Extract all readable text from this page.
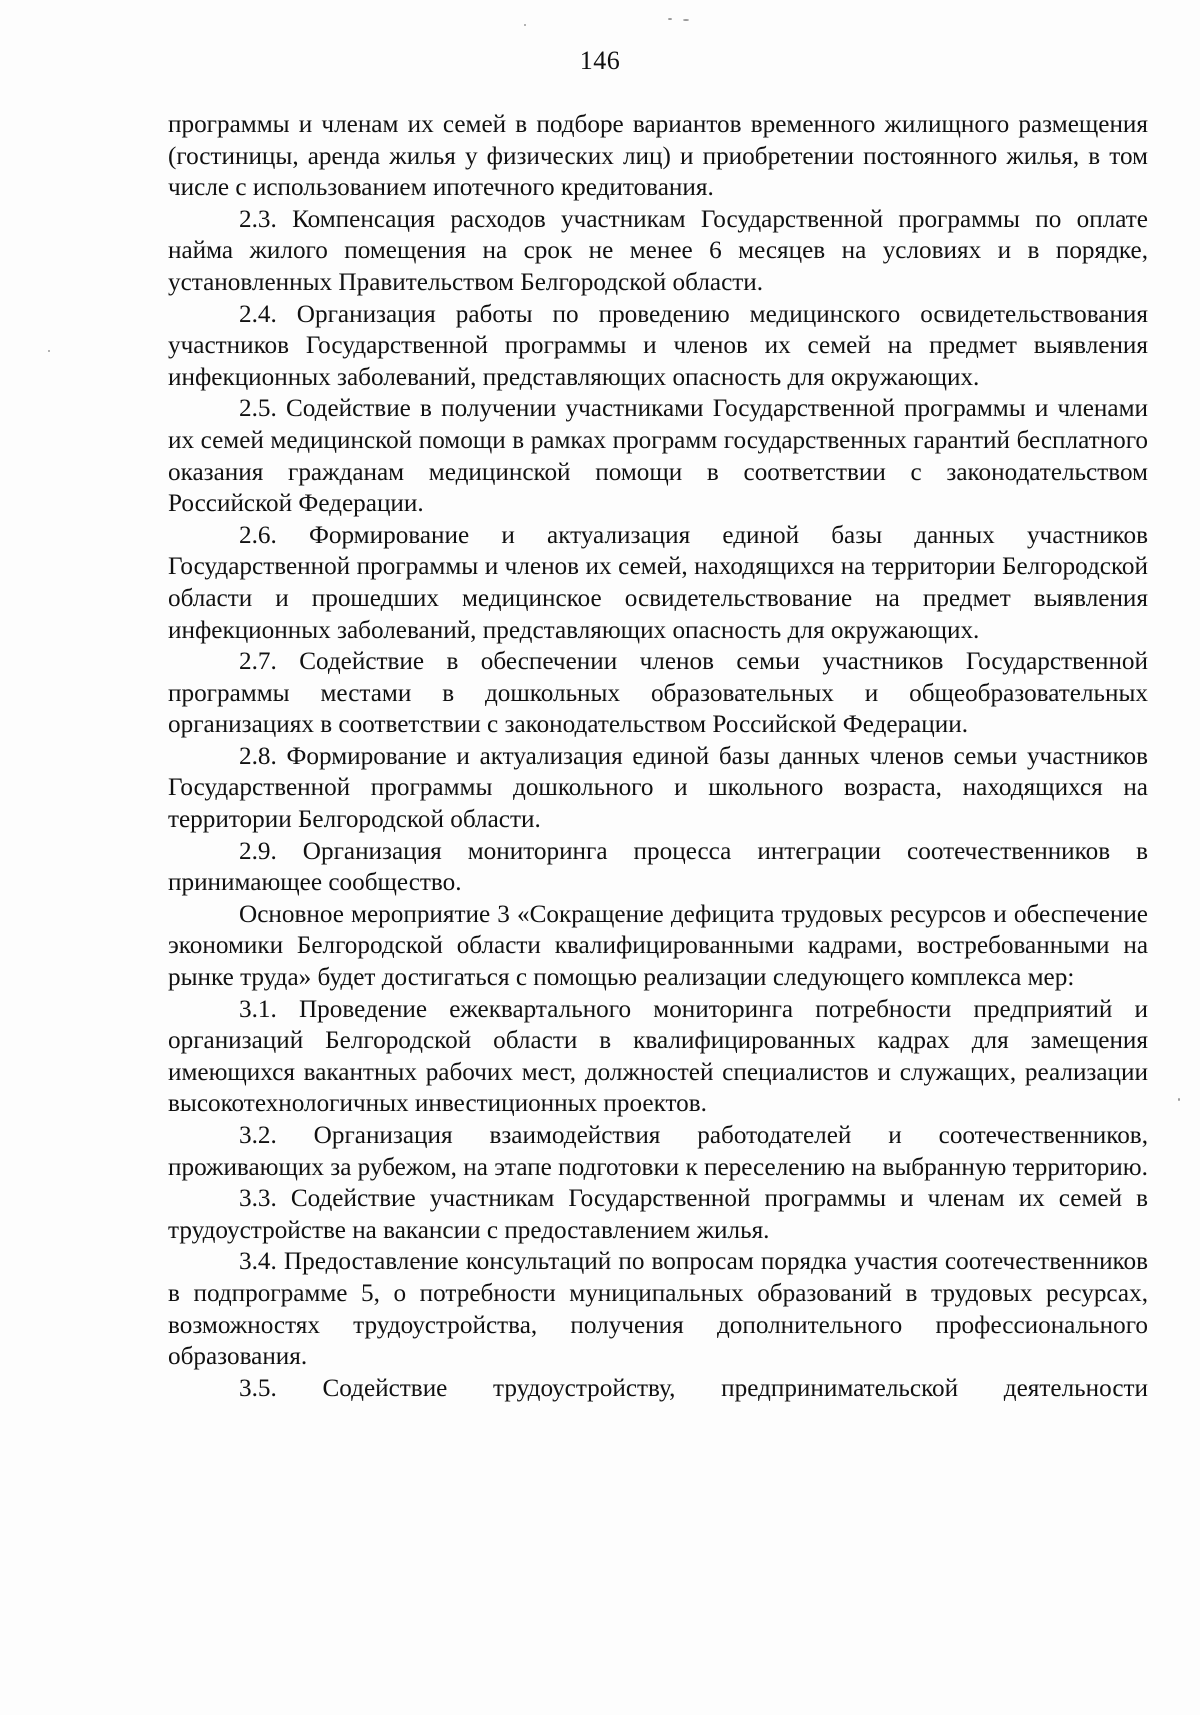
146

программы и членам их семей в подборе вариантов временного жилищного размещения (гостиницы, аренда жилья у физических лиц) и приобретении постоянного жилья, в том числе с использованием ипотечного кредитования.

2.3. Компенсация расходов участникам Государственной программы по оплате найма жилого помещения на срок не менее 6 месяцев на условиях и в порядке, установленных Правительством Белгородской области.

2.4. Организация работы по проведению медицинского освидетельствования участников Государственной программы и членов их семей на предмет выявления инфекционных заболеваний, представляющих опасность для окружающих.

2.5. Содействие в получении участниками Государственной программы и членами их семей медицинской помощи в рамках программ государственных гарантий бесплатного оказания гражданам медицинской помощи в соответствии с законодательством Российской Федерации.

2.6. Формирование и актуализация единой базы данных участников Государственной программы и членов их семей, находящихся на территории Белгородской области и прошедших медицинское освидетельствование на предмет выявления инфекционных заболеваний, представляющих опасность для окружающих.

2.7. Содействие в обеспечении членов семьи участников Государственной программы местами в дошкольных образовательных и общеобразовательных организациях в соответствии с законодательством Российской Федерации.

2.8. Формирование и актуализация единой базы данных членов семьи участников Государственной программы дошкольного и школьного возраста, находящихся на территории Белгородской области.

2.9. Организация мониторинга процесса интеграции соотечественников в принимающее сообщество.

Основное мероприятие 3 «Сокращение дефицита трудовых ресурсов и обеспечение экономики Белгородской области квалифицированными кадрами, востребованными на рынке труда» будет достигаться с помощью реализации следующего комплекса мер:

3.1. Проведение ежеквартального мониторинга потребности предприятий и организаций Белгородской области в квалифицированных кадрах для замещения имеющихся вакантных рабочих мест, должностей специалистов и служащих, реализации высокотехнологичных инвестиционных проектов.

3.2. Организация взаимодействия работодателей и соотечественников, проживающих за рубежом, на этапе подготовки к переселению на выбранную территорию.

3.3. Содействие участникам Государственной программы и членам их семей в трудоустройстве на вакансии с предоставлением жилья.

3.4. Предоставление консультаций по вопросам порядка участия соотечественников в подпрограмме 5, о потребности муниципальных образований в трудовых ресурсах, возможностях трудоустройства, получения дополнительного профессионального образования.

3.5. Содействие трудоустройству, предпринимательской деятельности
